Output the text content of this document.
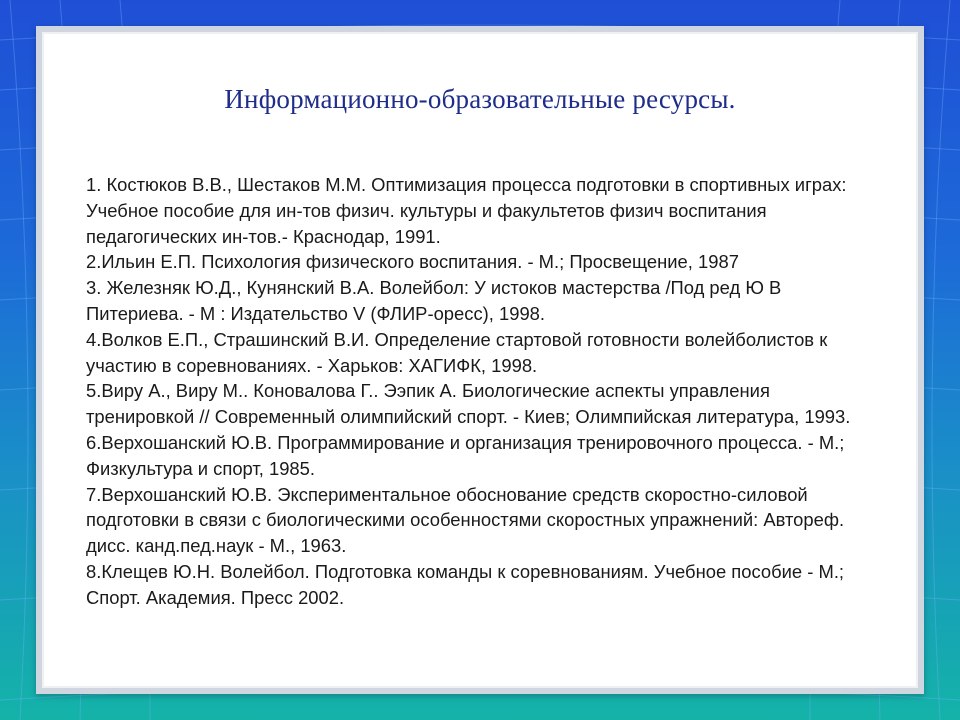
Информационно-образовательные ресурсы.
1. Костюков В.В., Шестаков М.М. Оптимизация процесса подготовки в спортивных играх: Учебное пособие для ин-тов физич. культуры и факультетов физич воспитания педагогических ин-тов.- Краснодар, 1991.
2.Ильин Е.П. Психология физического воспитания. - М.; Просвещение, 1987
3. Железняк Ю.Д., Кунянский В.А. Волейбол: У истоков мастерства /Под ред Ю В Питериева. - М : Издательство V (ФЛИР-оресс), 1998.
4.Волков Е.П., Страшинский В.И. Определение стартовой готовности волейболистов к участию в соревнованиях. - Харьков: ХАГИФК, 1998.
5.Виру А., Виру М.. Коновалова Г.. Ээпик А. Биологические аспекты управления тренировкой // Современный олимпийский спорт. - Киев; Олимпийская литература, 1993.
6.Верхошанский Ю.В. Программирование и организация тренировочного процесса. - М.; Физкультура и спорт, 1985.
7.Верхошанский Ю.В. Экспериментальное обоснование средств скоростно-силовой подготовки в связи с биологическими особенностями скоростных упражнений: Автореф. дисс. канд.пед.наук - М., 1963.
8.Клещев Ю.Н. Волейбол. Подготовка команды к соревнованиям. Учебное пособие - М.; Спорт. Академия. Пресс 2002.
